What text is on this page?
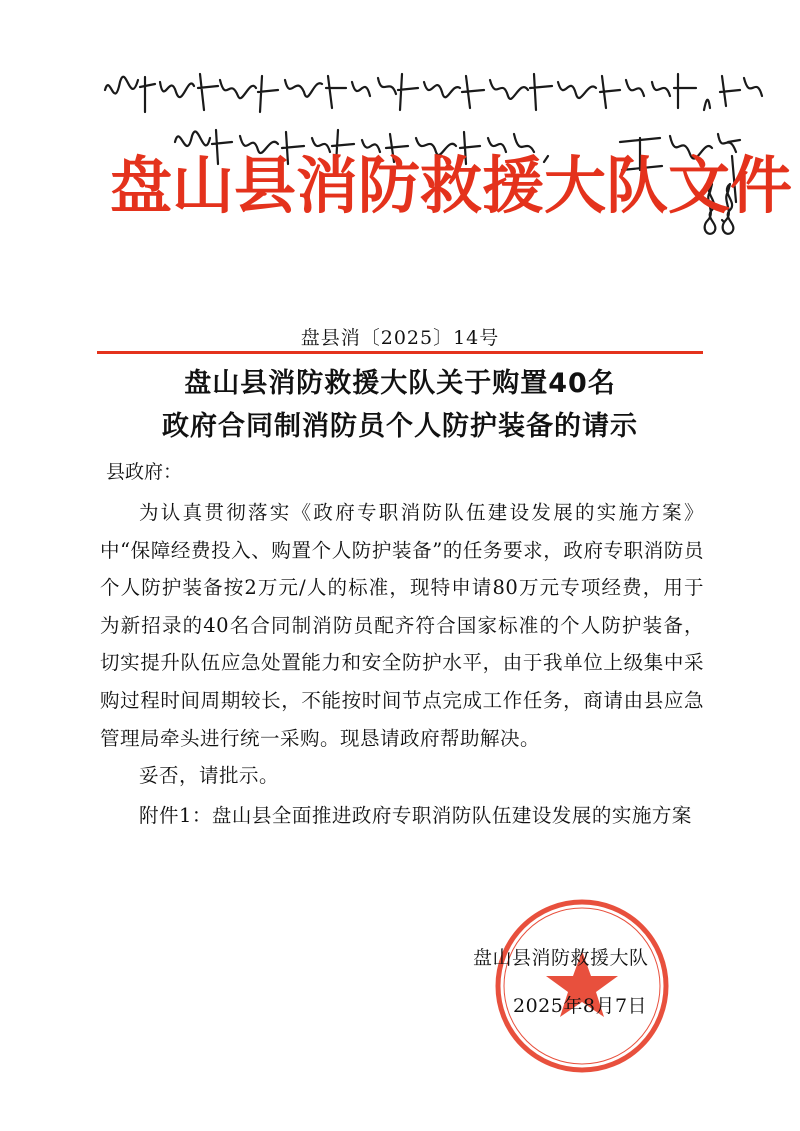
盘山县消防救援大队文件
盘县消〔2025〕14号
盘山县消防救援大队关于购置40名
政府合同制消防员个人防护装备的请示
县政府：

为认真贯彻落实《政府专职消防队伍建设发展的实施方案》中“保障经费投入、购置个人防护装备”的任务要求，政府专职消防员个人防护装备按2万元/人的标准，现特申请80万元专项经费，用于为新招录的40名合同制消防员配齐符合国家标准的个人防护装备，切实提升队伍应急处置能力和安全防护水平，由于我单位上级集中采购过程时间周期较长，不能按时间节点完成工作任务，商请由县应急管理局牵头进行统一采购。现恳请政府帮助解决。

妥否，请批示。

附件1：盘山县全面推进政府专职消防队伍建设发展的实施方案

盘山县消防救援大队
2025年8月7日
